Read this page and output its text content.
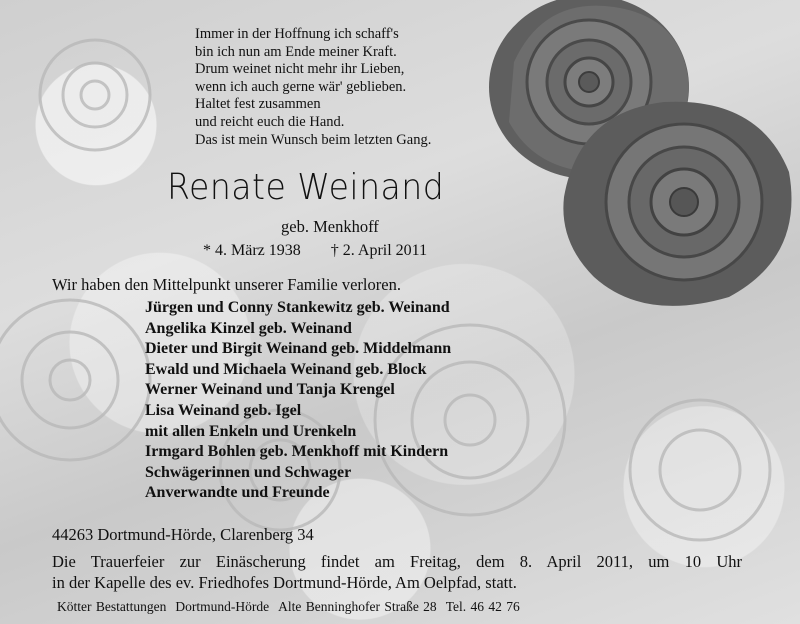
Immer in der Hoffnung ich schaff's
bin ich nun am Ende meiner Kraft.
Drum weinet nicht mehr ihr Lieben,
wenn ich auch gerne wär' geblieben.
Haltet fest zusammen
und reicht euch die Hand.
Das ist mein Wunsch beim letzten Gang.
Renate Weinand
geb. Menkhoff
* 4. März 1938 † 2. April 2011
Wir haben den Mittelpunkt unserer Familie verloren.
Jürgen und Conny Stankewitz geb. Weinand
Angelika Kinzel geb. Weinand
Dieter und Birgit Weinand geb. Middelmann
Ewald und Michaela Weinand geb. Block
Werner Weinand und Tanja Krengel
Lisa Weinand geb. Igel
mit allen Enkeln und Urenkeln
Irmgard Bohlen geb. Menkhoff mit Kindern
Schwägerinnen und Schwager
Anverwandte und Freunde
44263 Dortmund-Hörde, Clarenberg 34
Die Trauerfeier zur Einäscherung findet am Freitag, dem 8. April 2011, um 10 Uhr
in der Kapelle des ev. Friedhofes Dortmund-Hörde, Am Oelpfad, statt.
Kötter Bestattungen Dortmund-Hörde Alte Benninghofer Straße 28 Tel. 46 42 76
